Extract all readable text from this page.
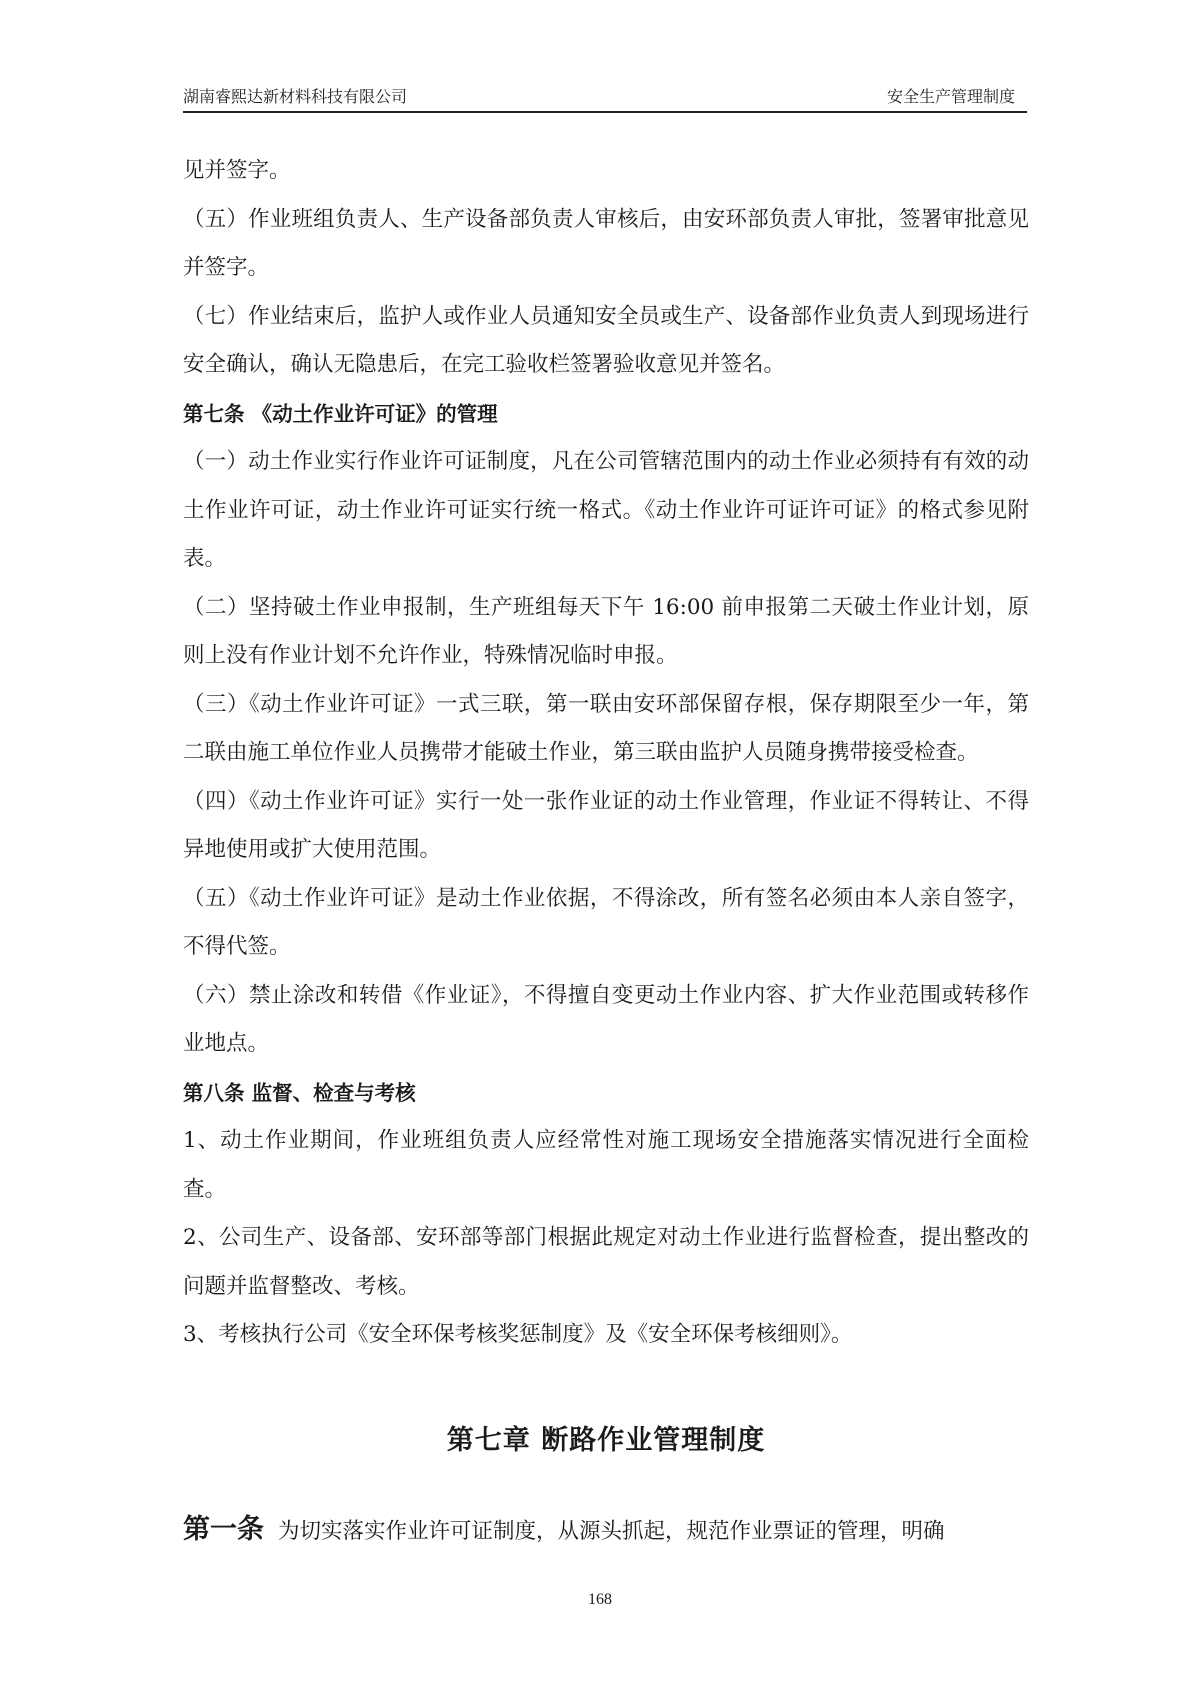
湖南睿熙达新材料科技有限公司	安全生产管理制度

见并签字。

（五）作业班组负责人、生产设备部负责人审核后，由安环部负责人审批，签署审批意见并签字。

（七）作业结束后，监护人或作业人员通知安全员或生产、设备部作业负责人到现场进行安全确认，确认无隐患后，在完工验收栏签署验收意见并签名。

第七条 《动土作业许可证》的管理

（一）动土作业实行作业许可证制度，凡在公司管辖范围内的动土作业必须持有有效的动土作业许可证，动土作业许可证实行统一格式。《动土作业许可证许可证》的格式参见附表。

（二）坚持破土作业申报制，生产班组每天下午 16:00 前申报第二天破土作业计划，原则上没有作业计划不允许作业，特殊情况临时申报。

（三）《动土作业许可证》一式三联，第一联由安环部保留存根，保存期限至少一年，第二联由施工单位作业人员携带才能破土作业，第三联由监护人员随身携带接受检查。

（四）《动土作业许可证》实行一处一张作业证的动土作业管理，作业证不得转让、不得异地使用或扩大使用范围。

（五）《动土作业许可证》是动土作业依据，不得涂改，所有签名必须由本人亲自签字，不得代签。

（六）禁止涂改和转借《作业证》，不得擅自变更动土作业内容、扩大作业范围或转移作业地点。

第八条 监督、检查与考核

1、动土作业期间，作业班组负责人应经常性对施工现场安全措施落实情况进行全面检查。

2、公司生产、设备部、安环部等部门根据此规定对动土作业进行监督检查，提出整改的问题并监督整改、考核。

3、考核执行公司《安全环保考核奖惩制度》及《安全环保考核细则》。

第七章 断路作业管理制度
第一条 为切实落实作业许可证制度，从源头抓起，规范作业票证的管理，明确
168
